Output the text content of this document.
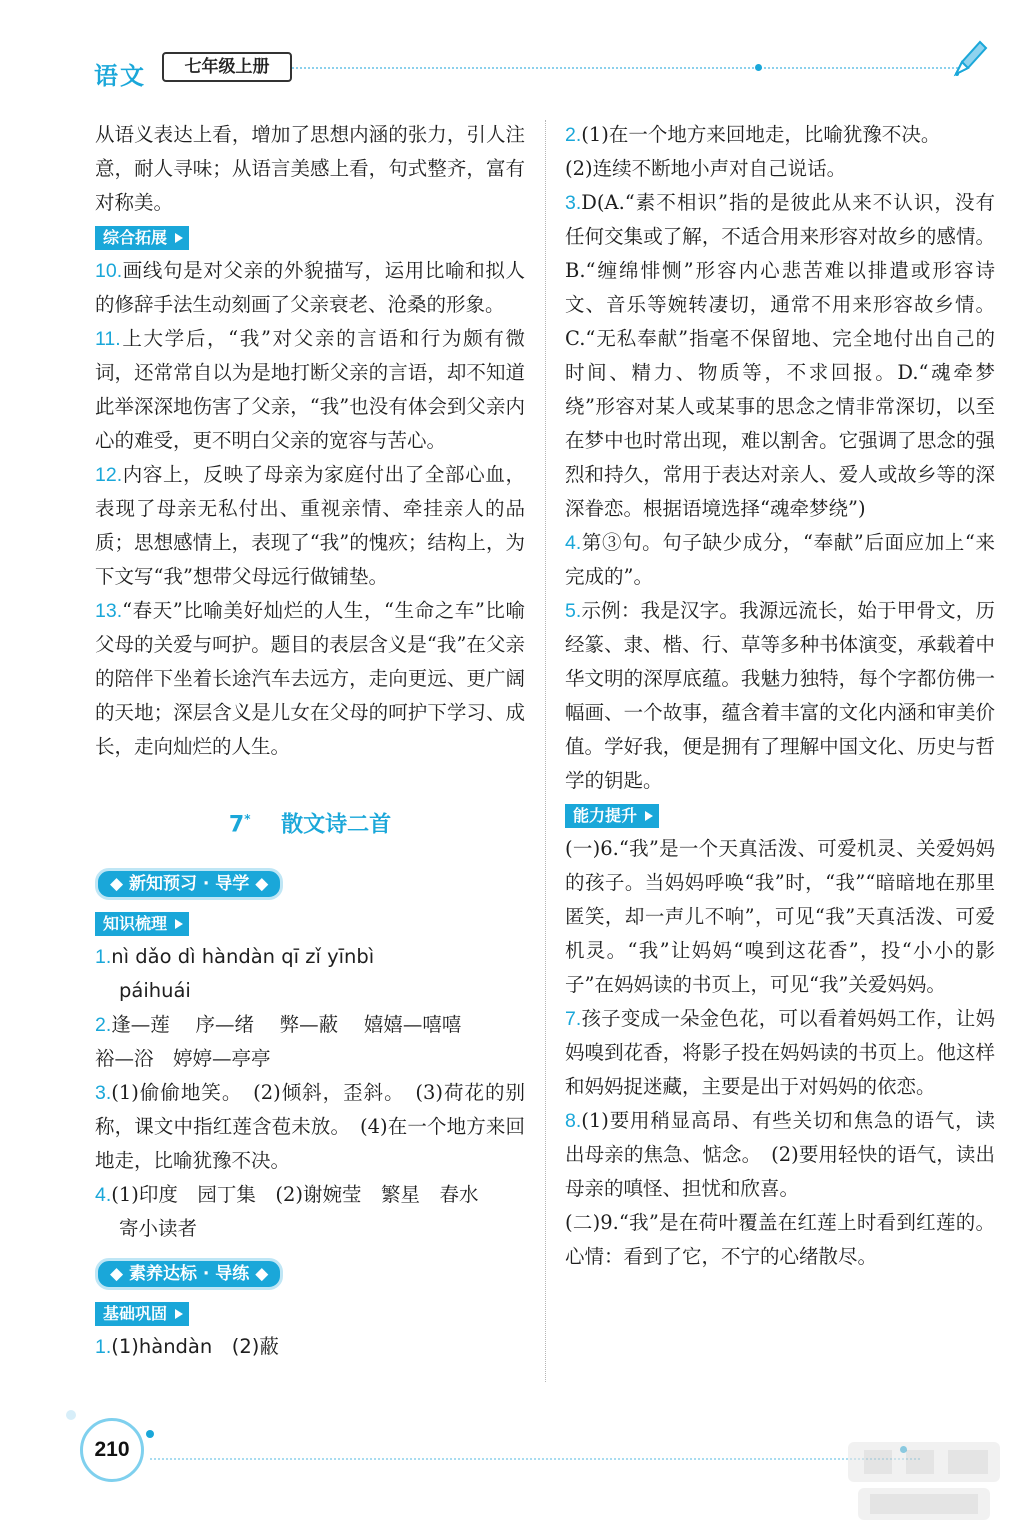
语文	七年级上册

从语义表达上看，增加了思想内涵的张力，引人注意，耐人寻味；从语言美感上看，句式整齐，富有对称美。

综合拓展

10.画线句是对父亲的外貌描写，运用比喻和拟人的修辞手法生动刻画了父亲衰老、沧桑的形象。

11.上大学后，“我”对父亲的言语和行为颇有微词，还常常自以为是地打断父亲的言语，却不知道此举深深地伤害了父亲，“我”也没有体会到父亲内心的难受，更不明白父亲的宽容与苦心。

12.内容上，反映了母亲为家庭付出了全部心血，表现了母亲无私付出、重视亲情、牵挂亲人的品质；思想感情上，表现了“我”的愧疚；结构上，为下文写“我”想带父母远行做铺垫。

13.“春天”比喻美好灿烂的人生，“生命之车”比喻父母的关爱与呵护。题目的表层含义是“我”在父亲的陪伴下坐着长途汽车去远方，走向更远、更广阔的天地；深层含义是儿女在父母的呵护下学习、成长，走向灿烂的人生。

7* 散文诗二首
◆ 新知预习 · 导学 ◆
知识梳理

1.nì dǎo dì hàndàn qī zǐ yīnbì

páihuái

2.逢—莲　 序—绪　 弊—蔽　 嬉嬉—嘻嘻

裕—浴　婷婷—亭亭

3.(1)偷偷地笑。　(2)倾斜，歪斜。　(3)荷花的别称，课文中指红莲含苞未放。　(4)在一个地方来回地走，比喻犹豫不决。

4.(1)印度　园丁集　(2)谢婉莹　繁星　春水

寄小读者

◆ 素养达标 · 导练 ◆
基础巩固

1.(1)hàndàn　(2)蔽

2.(1)在一个地方来回地走，比喻犹豫不决。

(2)连续不断地小声对自己说话。

3.D(A.“素不相识”指的是彼此从来不认识，没有任何交集或了解，不适合用来形容对故乡的感情。B.“缠绵悱恻”形容内心悲苦难以排遣或形容诗文、音乐等婉转凄切，通常不用来形容故乡情。C.“无私奉献”指毫不保留地、完全地付出自己的时间、精力、物质等，不求回报。D.“魂牵梦绕”形容对某人或某事的思念之情非常深切，以至在梦中也时常出现，难以割舍。它强调了思念的强烈和持久，常用于表达对亲人、爱人或故乡等的深深眷恋。根据语境选择“魂牵梦绕”)

4.第③句。句子缺少成分，“奉献”后面应加上“来完成的”。

5.示例：我是汉字。我源远流长，始于甲骨文，历经篆、隶、楷、行、草等多种书体演变，承载着中华文明的深厚底蕴。我魅力独特，每个字都仿佛一幅画、一个故事，蕴含着丰富的文化内涵和审美价值。学好我，便是拥有了理解中国文化、历史与哲学的钥匙。

能力提升

(一)6.“我”是一个天真活泼、可爱机灵、关爱妈妈的孩子。当妈妈呼唤“我”时，“我”“暗暗地在那里匿笑，却一声儿不响”，可见“我”天真活泼、可爱机灵。“我”让妈妈“嗅到这花香”，投“小小的影子”在妈妈读的书页上，可见“我”关爱妈妈。

7.孩子变成一朵金色花，可以看着妈妈工作，让妈妈嗅到花香，将影子投在妈妈读的书页上。他这样和妈妈捉迷藏，主要是出于对妈妈的依恋。

8.(1)要用稍显高昂、有些关切和焦急的语气，读出母亲的焦急、惦念。　(2)要用轻快的语气，读出母亲的嗔怪、担忧和欣喜。

(二)9.“我”是在荷叶覆盖在红莲上时看到红莲的。心情：看到了它，不宁的心绪散尽。

210
